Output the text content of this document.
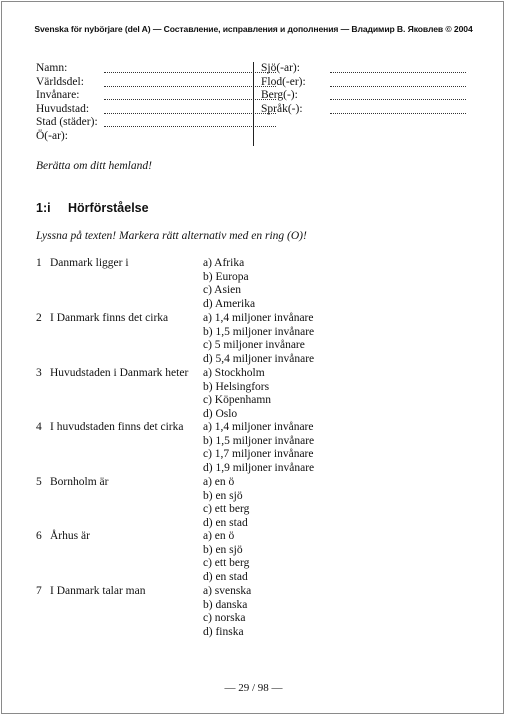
Svenska för nybörjare (del A) — Составление, исправления и дополнения — Владимир В. Яковлев © 2004
Namn:
Världsdel:
Invånare:
Huvudstad:
Stad (städer):
Ö(-ar):
Sjö(-ar):
Flod(-er):
Berg(-):
Språk(-):
Berätta om ditt hemland!
1:i Hörförståelse
Lyssna på texten! Markera rätt alternativ med en ring (O)!
1 Danmark ligger i	a) Afrika
b) Europa
c) Asien
d) Amerika
2 I Danmark finns det cirka	a) 1,4 miljoner invånare
b) 1,5 miljoner invånare
c) 5 miljoner invånare
d) 5,4 miljoner invånare
3 Huvudstaden i Danmark heter a) Stockholm
b) Helsingfors
c) Köpenhamn
d) Oslo
4 I huvudstaden finns det cirka a) 1,4 miljoner invånare
b) 1,5 miljoner invånare
c) 1,7 miljoner invånare
d) 1,9 miljoner invånare
5 Bornholm är	a) en ö
b) en sjö
c) ett berg
d) en stad
6 Århus är	a) en ö
b) en sjö
c) ett berg
d) en stad
7 I Danmark talar man	a) svenska
b) danska
c) norska
d) finska
— 29 / 98 —
